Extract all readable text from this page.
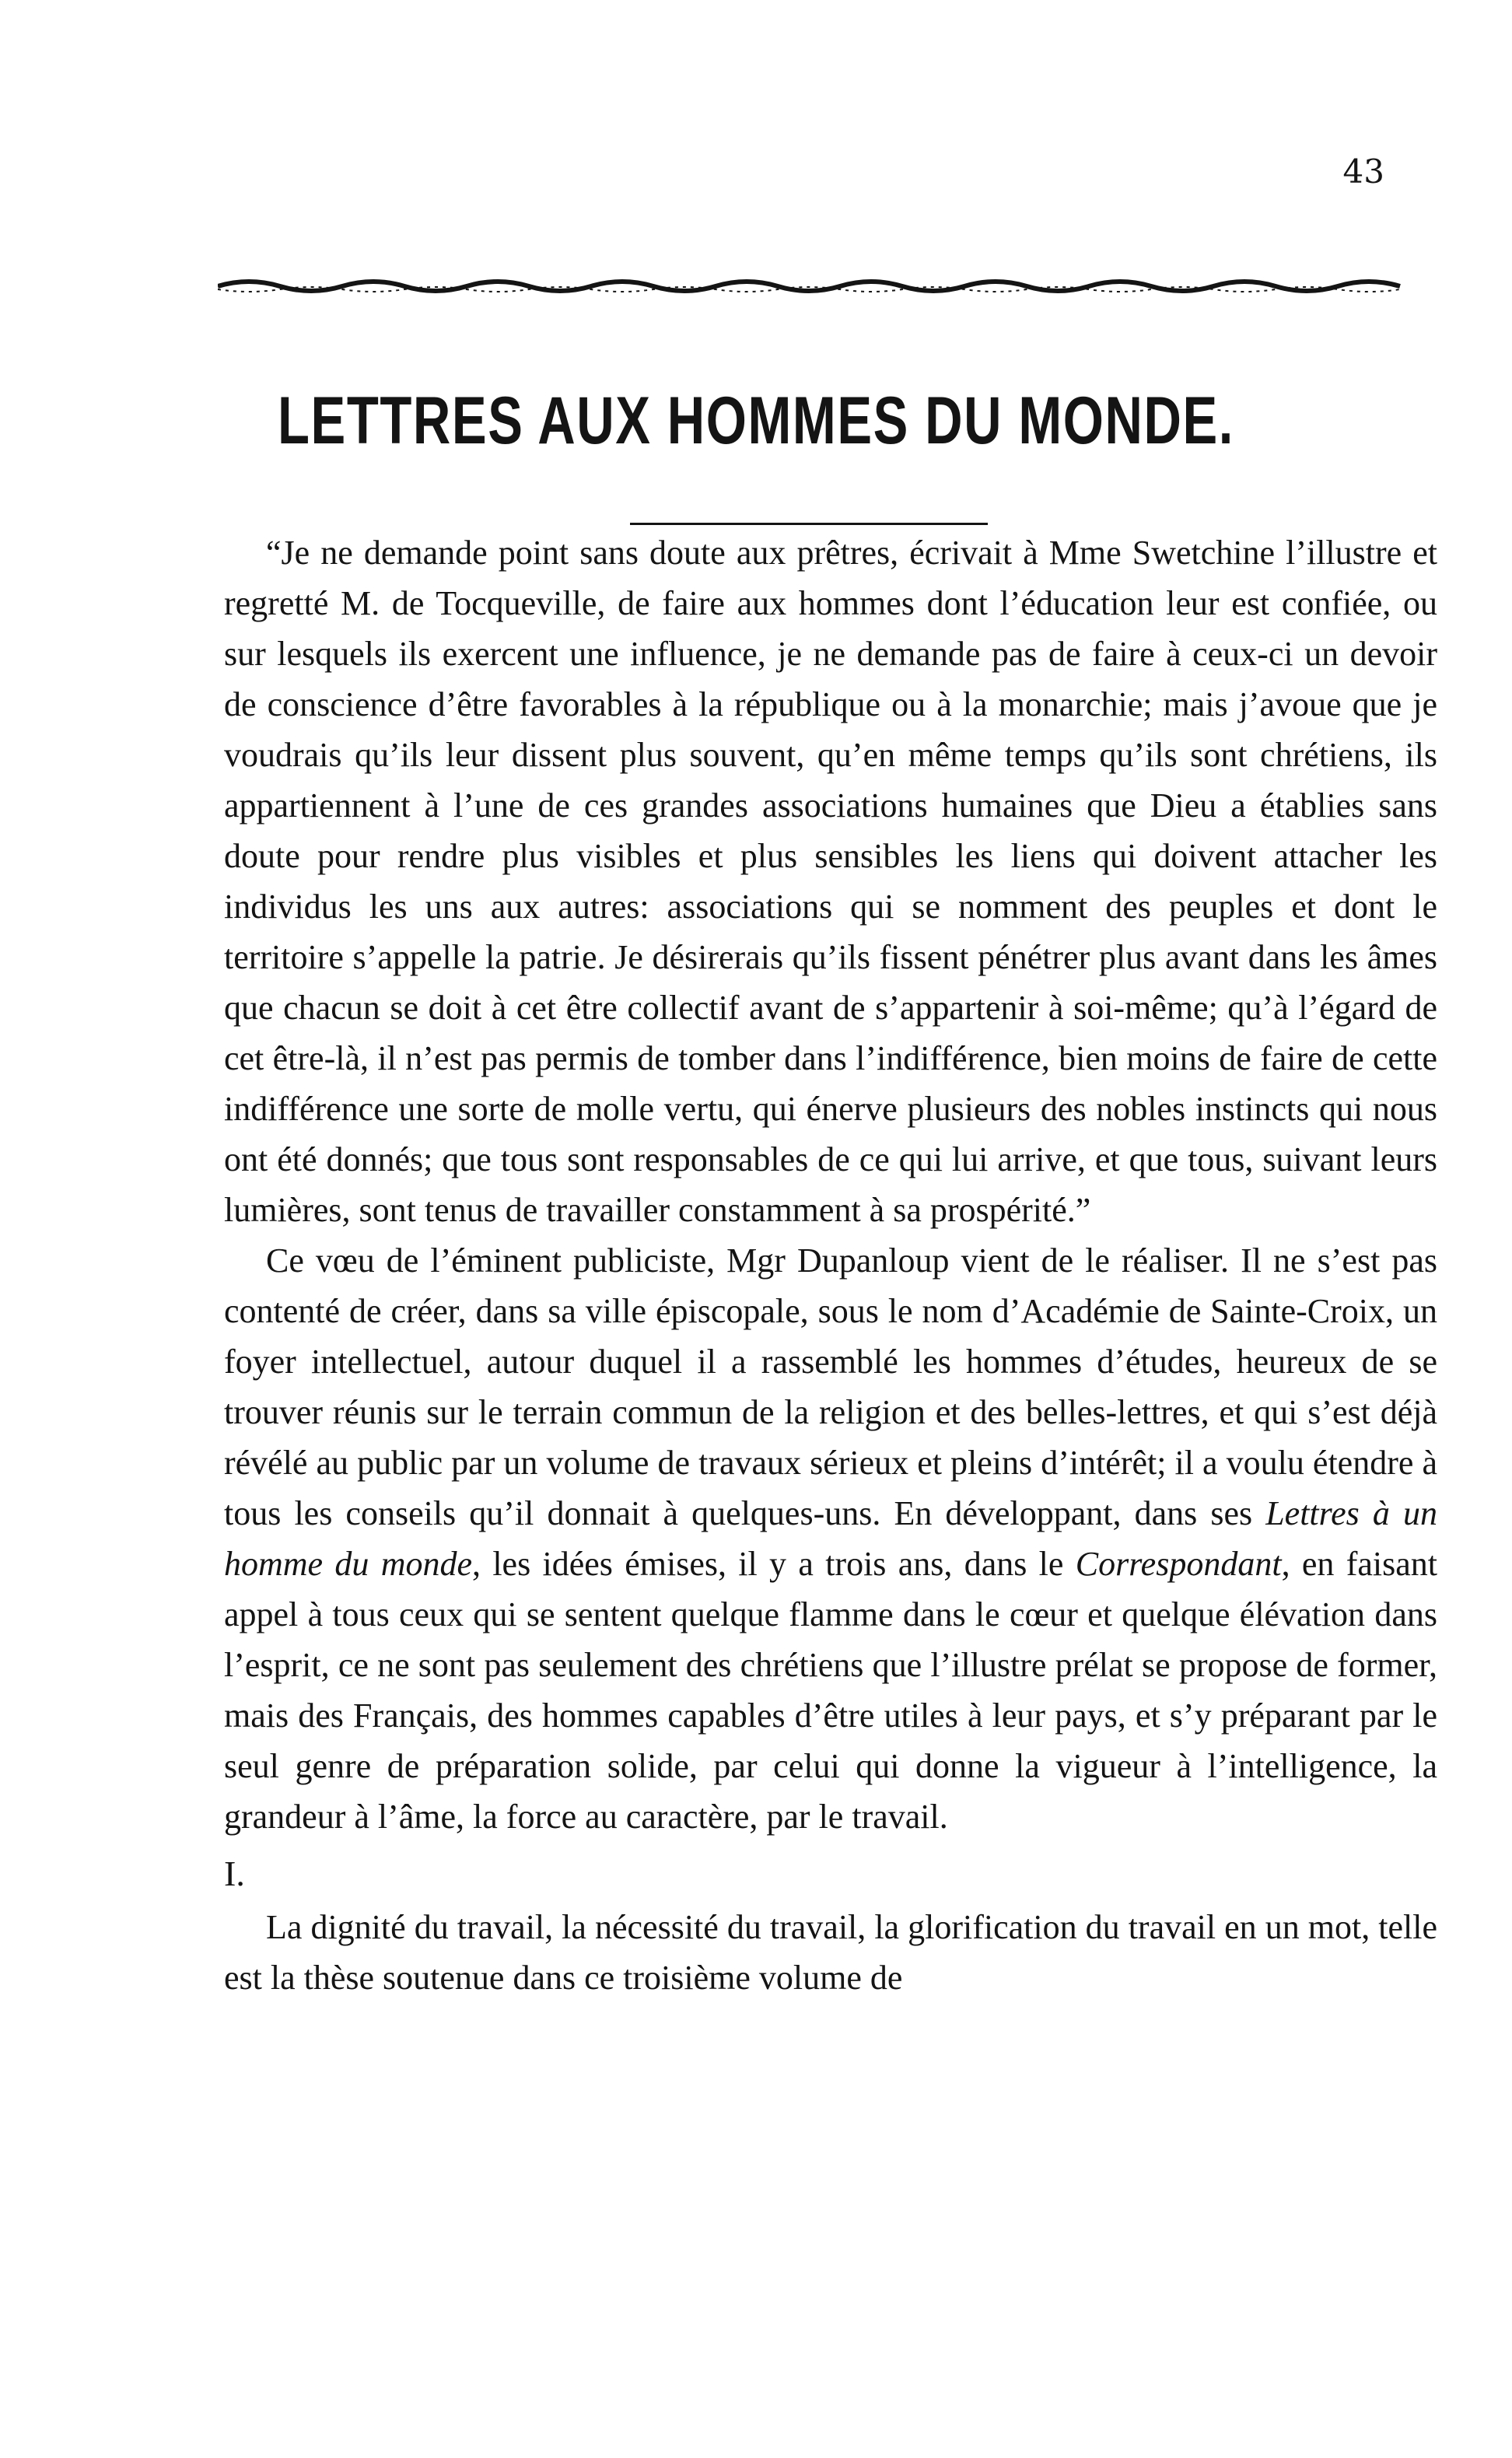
43
LETTRES AUX HOMMES DU MONDE.

“Je ne demande point sans doute aux prêtres, écrivait à Mme Swetchine l’illustre et regretté M. de Tocqueville, de faire aux hommes dont l’éducation leur est confiée, ou sur lesquels ils exercent une influence, je ne demande pas de faire à ceux-ci un devoir de conscience d’être favorables à la république ou à la monarchie; mais j’avoue que je voudrais qu’ils leur dissent plus souvent, qu’en même temps qu’ils sont chrétiens, ils appartiennent à l’une de ces grandes associations humaines que Dieu a établies sans doute pour rendre plus visibles et plus sensibles les liens qui doivent attacher les individus les uns aux autres: associations qui se nomment des peuples et dont le territoire s’appelle la patrie. Je désirerais qu’ils fissent pénétrer plus avant dans les âmes que chacun se doit à cet être collectif avant de s’appartenir à soi-même; qu’à l’égard de cet être-là, il n’est pas permis de tomber dans l’indifférence, bien moins de faire de cette indifférence une sorte de molle vertu, qui énerve plusieurs des nobles instincts qui nous ont été donnés; que tous sont responsables de ce qui lui arrive, et que tous, suivant leurs lumières, sont tenus de travailler constamment à sa prospérité.”

Ce vœu de l’éminent publiciste, Mgr Dupanloup vient de le réaliser. Il ne s’est pas contenté de créer, dans sa ville épiscopale, sous le nom d’Académie de Sainte-Croix, un foyer intellectuel, autour duquel il a rassemblé les hommes d’études, heureux de se trouver réunis sur le terrain commun de la religion et des belles-lettres, et qui s’est déjà révélé au public par un volume de travaux sérieux et pleins d’intérêt; il a voulu étendre à tous les conseils qu’il donnait à quelques-uns. En développant, dans ses Lettres à un homme du monde, les idées émises, il y a trois ans, dans le Correspondant, en faisant appel à tous ceux qui se sentent quelque flamme dans le cœur et quelque élévation dans l’esprit, ce ne sont pas seulement des chrétiens que l’illustre prélat se propose de former, mais des Français, des hommes capables d’être utiles à leur pays, et s’y préparant par le seul genre de préparation solide, par celui qui donne la vigueur à l’intelligence, la grandeur à l’âme, la force au caractère, par le travail.

I.

La dignité du travail, la nécessité du travail, la glorification du travail en un mot, telle est la thèse soutenue dans ce troisième volume de
